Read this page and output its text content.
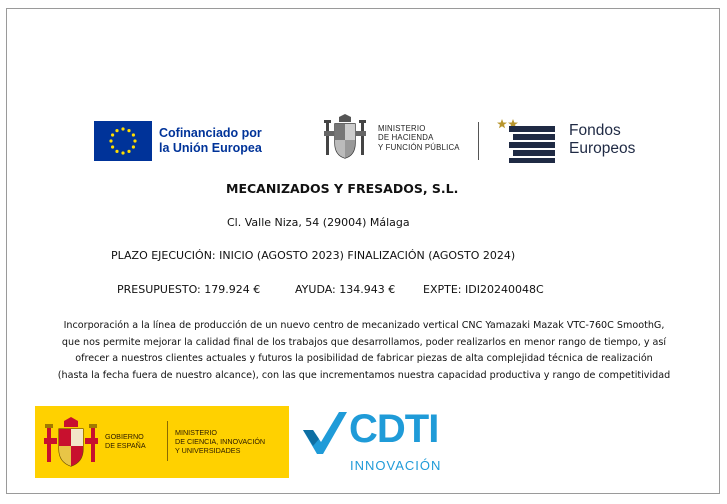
Cofinanciado por
la Unión Europea
MINISTERIO
DE HACIENDA
Y FUNCIÓN PÚBLICA
Fondos
Europeos
MECANIZADOS Y FRESADOS, S.L.
Cl. Valle Niza, 54 (29004) Málaga
PLAZO EJECUCIÓN: INICIO (AGOSTO 2023) FINALIZACIÓN (AGOSTO 2024)
PRESUPUESTO: 179.924 €	AYUDA: 134.943 €	EXPTE: IDI20240048C
Incorporación a la línea de producción de un nuevo centro de mecanizado vertical CNC Yamazaki Mazak VTC-760C SmoothG,
que nos permite mejorar la calidad final de los trabajos que desarrollamos, poder realizarlos en menor rango de tiempo, y así
ofrecer a nuestros clientes actuales y futuros la posibilidad de fabricar piezas de alta complejidad técnica de realización
(hasta la fecha fuera de nuestro alcance), con las que incrementamos nuestra capacidad productiva y rango de competitividad
GOBIERNO
DE ESPAÑA
MINISTERIO
DE CIENCIA, INNOVACIÓN
Y UNIVERSIDADES	CDTI
INNOVACIÓN
